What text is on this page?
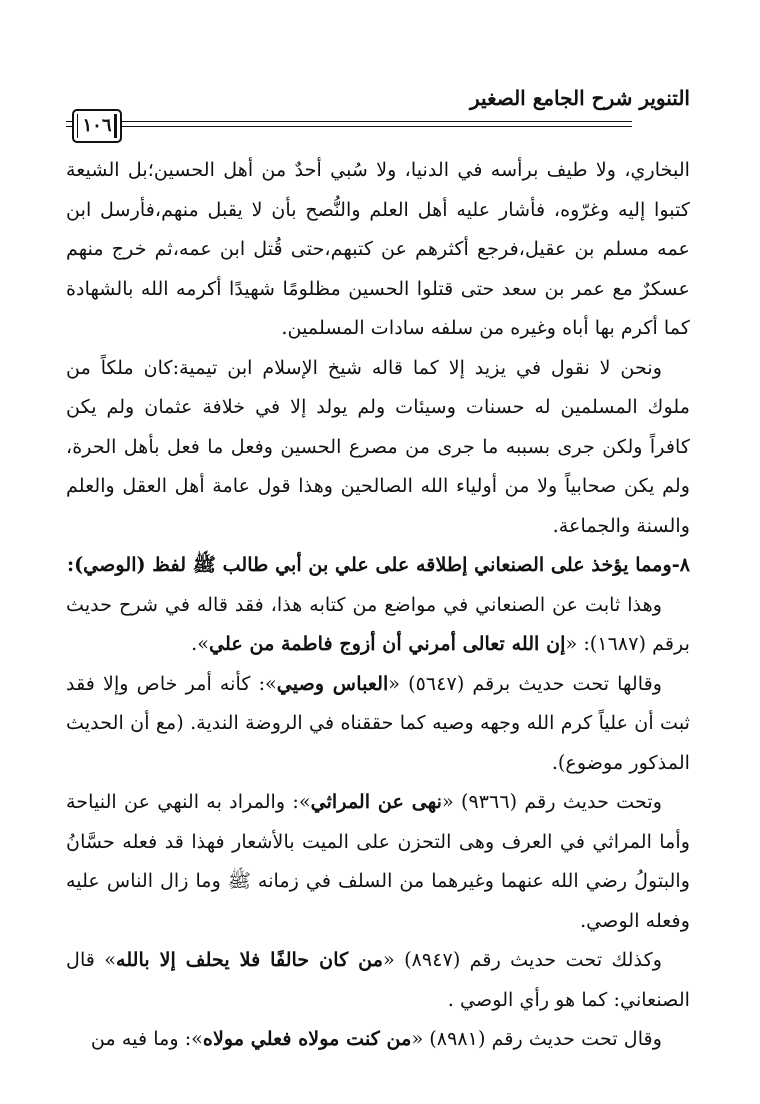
التنوير شرح الجامع الصغير
١٠٦

البخاري، ولا طيف برأسه في الدنيا، ولا سُبي أحدٌ من أهل الحسين؛بل الشيعة كتبوا إليه وغرّوه، فأشار عليه أهل العلم والنُّصح بأن لا يقبل منهم،فأرسل ابن عمه مسلم بن عقيل،فرجع أكثرهم عن كتبهم،حتى قُتل ابن عمه،ثم خرج منهم عسكرٌ مع عمر بن سعد حتى قتلوا الحسين مظلومًا شهيدًا أكرمه الله بالشهادة كما أكرم بها أباه وغيره من سلفه سادات المسلمين.

ونحن لا نقول في يزيد إلا كما قاله شيخ الإسلام ابن تيمية:كان ملكاً من ملوك المسلمين له حسنات وسيئات ولم يولد إلا في خلافة عثمان ولم يكن كافراً ولكن جرى بسببه ما جرى من مصرع الحسين وفعل ما فعل بأهل الحرة، ولم يكن صحابياً ولا من أولياء الله الصالحين وهذا قول عامة أهل العقل والعلم والسنة والجماعة.

٨-ومما يؤخذ على الصنعاني إطلاقه على علي بن أبي طالب ﷺ لفظ (الوصي):

وهذا ثابت عن الصنعاني في مواضع من كتابه هذا، فقد قاله في شرح حديث برقم (١٦٨٧): «إن الله تعالى أمرني أن أزوج فاطمة من علي».

وقالها تحت حديث برقم (٥٦٤٧) «العباس وصيي»: كأنه أمر خاص وإلا فقد ثبت أن علياً كرم الله وجهه وصيه كما حققناه في الروضة الندية. (مع أن الحديث المذكور موضوع).

وتحت حديث رقم (٩٣٦٦) «نهى عن المراثي»: والمراد به النهي عن النياحة وأما المراثي في العرف وهى التحزن على الميت بالأشعار فهذا قد فعله حسَّانُ والبتولُ رضي الله عنهما وغيرهما من السلف في زمانه ﷺ وما زال الناس عليه وفعله الوصي.

وكذلك تحت حديث رقم (٨٩٤٧) «من كان حالفًا فلا يحلف إلا بالله» قال الصنعاني: كما هو رأي الوصي .

وقال تحت حديث رقم (٨٩٨١) «من كنت مولاه فعلي مولاه»: وما فيه من
